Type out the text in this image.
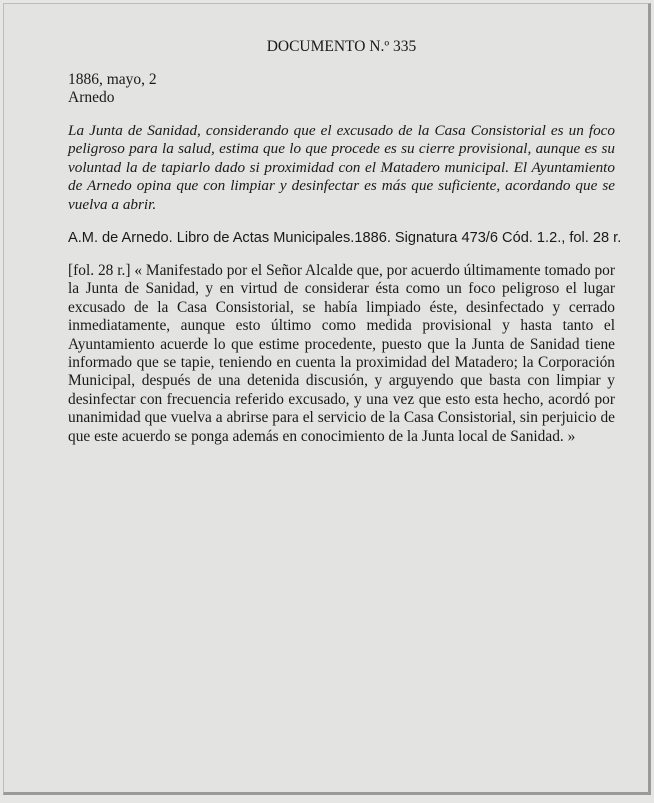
DOCUMENTO N.º 335

1886, mayo, 2

Arnedo

La Junta de Sanidad, considerando que el excusado de la Casa Consistorial es un foco peligroso para la salud, estima que lo que procede es su cierre provisional, aunque es su voluntad la de tapiarlo dado si proximidad con el Matadero municipal. El Ayuntamiento de Arnedo opina que con limpiar y desinfectar es más que suficiente, acordando que se vuelva a abrir.

A.M. de Arnedo. Libro de Actas Municipales.1886. Signatura 473/6 Cód. 1.2., fol. 28 r.

[fol. 28 r.] « Manifestado por el Señor Alcalde que, por acuerdo últimamente tomado por la Junta de Sanidad, y en virtud de considerar ésta como un foco peligroso el lugar excusado de la Casa Consistorial, se había limpiado éste, desinfectado y cerrado inmediatamente, aunque esto último como medida provisional y hasta tanto el Ayuntamiento acuerde lo que estime procedente, puesto que la Junta de Sanidad tiene informado que se tapie, teniendo en cuenta la proximidad del Matadero; la Corporación Municipal, después de una detenida discusión, y arguyendo que basta con limpiar y desinfectar con frecuencia referido excusado, y una vez que esto esta hecho, acordó por unanimidad que vuelva a abrirse para el servicio de la Casa Consistorial, sin perjuicio de que este acuerdo se ponga además en conocimiento de la Junta local de Sanidad. »
